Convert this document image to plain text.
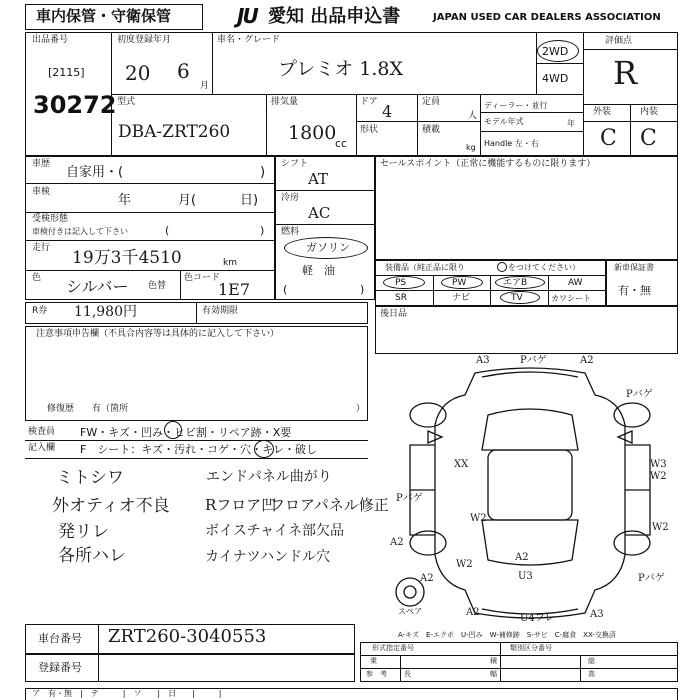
車内保管・守衛保管	JU 愛知 出品申込書	JAPAN USED CAR DEALERS ASSOCIATION
出品番号
[2115]
30272
初度登録年月
20 6
月
車名・グレード
プレミオ 1.8X
2WD
4WD
評価点
R
外装	内装
C C
型式
DBA-ZRT260
排気量
1800
cc
ドア 4
形状
定員
人
積載
kg
ディーラー・並行
モデル年式	年
Handle 左・右
車歴
自家用・(	)
車検
年	月(	日)
受検形態
車検付きは記入して下さい	(	)
走行 19万3千4510	km
色 シルバー 色替
色コード
1E7
シフト
AT
冷房
AC
燃料
ガソリン
軽　油
(	)
セールスポイント（正常に機能するものに限ります）
装備品（純正品に限り	をつけてください）
PS	PW	エアB	AW
SR	ナビ	TV	カワシート
新車保証書
有・無
R券 11,980円	有効期限	後日品
注意事項申告欄（不具合内容等は具体的に記入して下さい）
修復歴　　有（箇所	）
検査員
記入欄
FW・キズ・凹み・ヒビ割・リペア跡・X要
F　シート：キズ・汚れ・コゲ・穴・キレ・破し
ミトシワ
外オティオ不良
発リレ
各所ハレ
エンドパネル曲がり
Rフロア凹
フロアパネル修正
ボイスチャイネ部欠品
カイナツハンドル穴
A3	Pバゲ	A2
Pバゲ
XX	W3
W2
Pバゲ
W2
A2
W2
U3
A2	Pバゲ
A2
U4フレ	A3
W2
A2
スペア
A-キズ　E-エクボ　U-凹み　W-補修跡　S-サビ　C-腐食　XX-交換済
車台番号 ZRT260-3040553
登録番号
形式指定番号	類別区分番号
乗	積	総
参 考 長	幅	高
ア　有・無　|　テ　　　|　ソ　　|　日　　|　　　|
